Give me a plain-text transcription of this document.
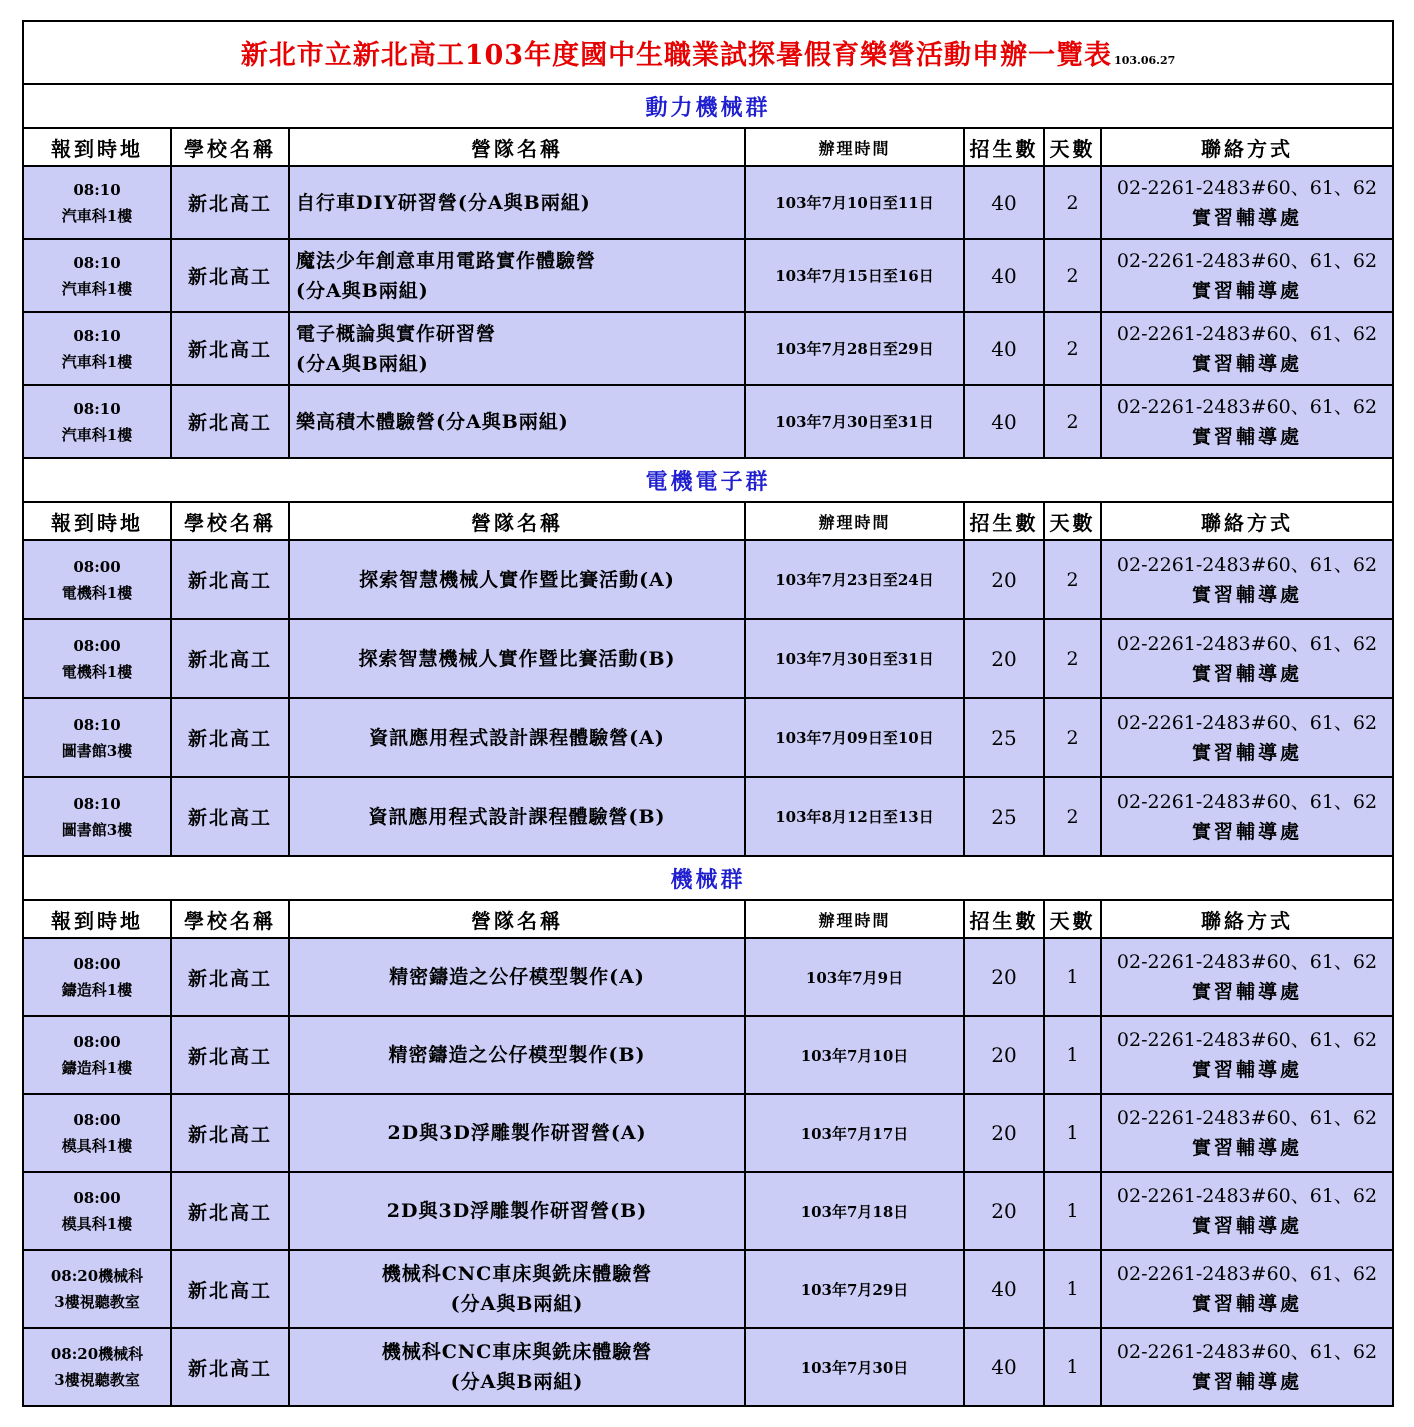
新北市立新北高工103年度國中生職業試探暑假育樂營活動申辦一覽表 103.06.27						
動力機械群						
報到時地	學校名稱	營隊名稱	辦理時間	招生數	天數	聯絡方式

08:10
汽車科1樓	新北高工	自行車DIY研習營(分A與B兩組)	103年7月10日至11日	40	2	02-2261-2483#60、61、62
實習輔導處

08:10
汽車科1樓	新北高工	魔法少年創意車用電路實作體驗營
(分A與B兩組)	103年7月15日至16日	40	2	02-2261-2483#60、61、62
實習輔導處

08:10
汽車科1樓	新北高工	電子概論與實作研習營
(分A與B兩組)	103年7月28日至29日	40	2	02-2261-2483#60、61、62
實習輔導處

08:10
汽車科1樓	新北高工	樂高積木體驗營(分A與B兩組)	103年7月30日至31日	40	2	02-2261-2483#60、61、62
實習輔導處

電機電子群						
報到時地	學校名稱	營隊名稱	辦理時間	招生數	天數	聯絡方式

08:00
電機科1樓	新北高工	探索智慧機械人實作暨比賽活動(A)	103年7月23日至24日	20	2	02-2261-2483#60、61、62
實習輔導處

08:00
電機科1樓	新北高工	探索智慧機械人實作暨比賽活動(B)	103年7月30日至31日	20	2	02-2261-2483#60、61、62
實習輔導處

08:10
圖書館3樓	新北高工	資訊應用程式設計課程體驗營(A)	103年7月09日至10日	25	2	02-2261-2483#60、61、62
實習輔導處

08:10
圖書館3樓	新北高工	資訊應用程式設計課程體驗營(B)	103年8月12日至13日	25	2	02-2261-2483#60、61、62
實習輔導處

機械群						
報到時地	學校名稱	營隊名稱	辦理時間	招生數	天數	聯絡方式

08:00
鑄造科1樓	新北高工	精密鑄造之公仔模型製作(A)	103年7月9日	20	1	02-2261-2483#60、61、62
實習輔導處

08:00
鑄造科1樓	新北高工	精密鑄造之公仔模型製作(B)	103年7月10日	20	1	02-2261-2483#60、61、62
實習輔導處

08:00
模具科1樓	新北高工	2D與3D浮雕製作研習營(A)	103年7月17日	20	1	02-2261-2483#60、61、62
實習輔導處

08:00
模具科1樓	新北高工	2D與3D浮雕製作研習營(B)	103年7月18日	20	1	02-2261-2483#60、61、62
實習輔導處

08:20機械科
3樓視聽教室	新北高工	機械科CNC車床與銑床體驗營
(分A與B兩組)	103年7月29日	40	1	02-2261-2483#60、61、62
實習輔導處

08:20機械科
3樓視聽教室	新北高工	機械科CNC車床與銑床體驗營
(分A與B兩組)	103年7月30日	40	1	02-2261-2483#60、61、62
實習輔導處
